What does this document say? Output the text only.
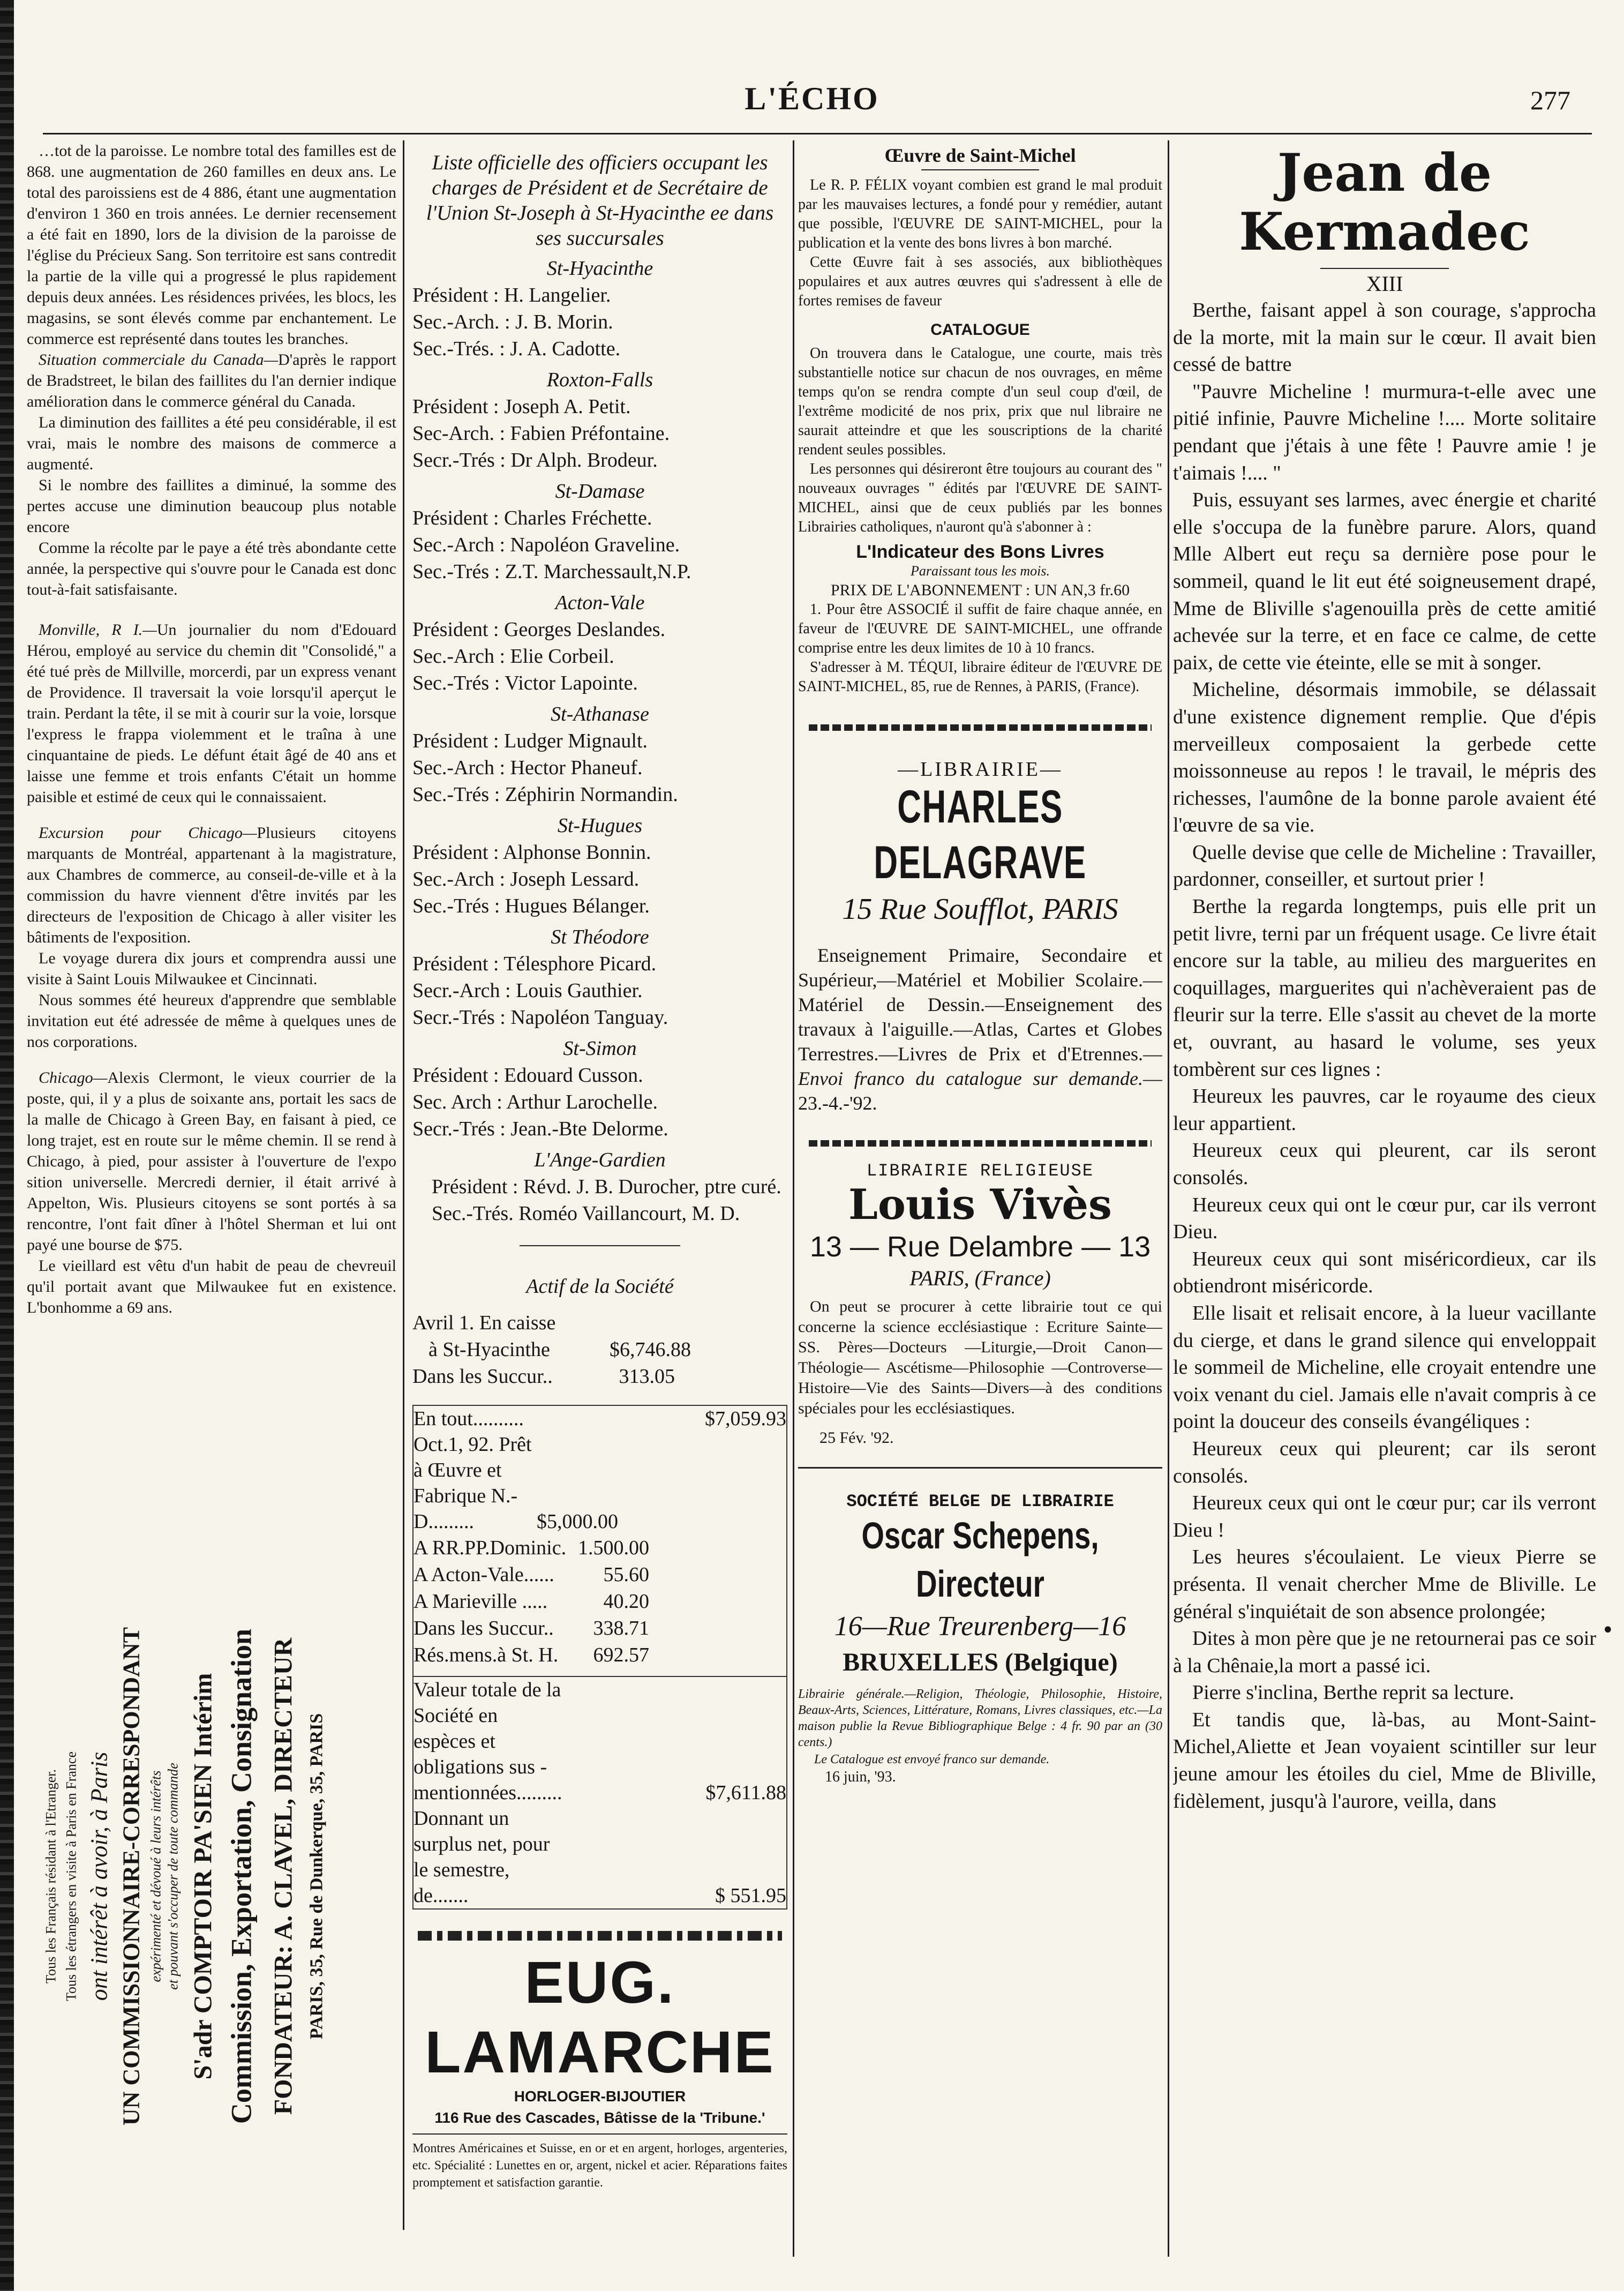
L'ÉCHO	277

…tot de la paroisse. Le nombre total des familles est de 868. une augmentation de 260 familles en deux ans. Le total des paroissiens est de 4 886, étant une augmentation d'environ 1 360 en trois années. Le dernier recensement a été fait en 1890, lors de la division de la paroisse de l'église du Précieux Sang. Son territoire est sans contredit la partie de la ville qui a progressé le plus rapidement depuis deux années. Les résidences privées, les blocs, les magasins, se sont élevés comme par enchantement. Le commerce est représenté dans toutes les branches.

Situation commerciale du Canada—D'après le rapport de Bradstreet, le bilan des faillites du l'an dernier indique amélioration dans le commerce général du Canada.

La diminution des faillites a été peu considérable, il est vrai, mais le nombre des maisons de commerce a augmenté.

Si le nombre des faillites a diminué, la somme des pertes accuse une diminution beaucoup plus notable encore

Comme la récolte par le paye a été très abondante cette année, la perspective qui s'ouvre pour le Canada est donc tout-à-fait satisfaisante.

Monville, R I.—Un journalier du nom d'Edouard Hérou, employé au service du chemin dit "Consolidé," a été tué près de Millville, morcerdi, par un express venant de Providence. Il traversait la voie lorsqu'il aperçut le train. Perdant la tête, il se mit à courir sur la voie, lorsque l'express le frappa violemment et le traîna à une cinquantaine de pieds. Le défunt était âgé de 40 ans et laisse une femme et trois enfants C'était un homme paisible et estimé de ceux qui le connaissaient.

Excursion pour Chicago—Plusieurs citoyens marquants de Montréal, appartenant à la magistrature, aux Chambres de commerce, au conseil-de-ville et à la commission du havre viennent d'être invités par les directeurs de l'exposition de Chicago à aller visiter les bâtiments de l'exposition.

Le voyage durera dix jours et comprendra aussi une visite à Saint Louis Milwaukee et Cincinnati.

Nous sommes été heureux d'apprendre que semblable invitation eut été adressée de même à quelques unes de nos corporations.

Chicago—Alexis Clermont, le vieux courrier de la poste, qui, il y a plus de soixante ans, portait les sacs de la malle de Chicago à Green Bay, en faisant à pied, ce long trajet, est en route sur le même chemin. Il se rend à Chicago, à pied, pour assister à l'ouverture de l'expo sition universelle. Mercredi dernier, il était arrivé à Appelton, Wis. Plusieurs citoyens se sont portés à sa rencontre, l'ont fait dîner à l'hôtel Sherman et lui ont payé une bourse de $75.

Le vieillard est vêtu d'un habit de peau de chevreuil qu'il portait avant que Milwaukee fut en existence. L'bonhomme a 69 ans.

Tous les Français résidant à l'Etranger. Tous les étrangers en visite à Paris en France ont intérêt à avoir, à Paris UN COMMISSIONNAIRE-CORRESPONDANT expérimenté et dévoué à leurs intérêts et pouvant s'occuper de toute commande S'adr COMPTOIR PA'SIEN Intérim Commission, Exportation, Consignation FONDATEUR: A. CLAVEL, DIRECTEUR PARIS, 35, Rue de Dunkerque, 35, PARIS
Liste officielle des officiers occupant les charges de Président et de Secrétaire de l'Union St-Joseph à St-Hyacinthe ee dans ses succursales
St-Hyacinthe
Président : H. Langelier.
Sec.-Arch. : J. B. Morin.
Sec.-Trés. : J. A. Cadotte.
Roxton-Falls
Président : Joseph A. Petit.
Sec-Arch. : Fabien Préfontaine.
Secr.-Trés : Dr Alph. Brodeur.
St-Damase
Président : Charles Fréchette.
Sec.-Arch : Napoléon Graveline.
Sec.-Trés : Z.T. Marchessault,N.P.
Acton-Vale
Président : Georges Deslandes.
Sec.-Arch : Elie Corbeil.
Sec.-Trés : Victor Lapointe.
St-Athanase
Président : Ludger Mignault.
Sec.-Arch : Hector Phaneuf.
Sec.-Trés : Zéphirin Normandin.
St-Hugues
Président : Alphonse Bonnin.
Sec.-Arch : Joseph Lessard.
Sec.-Trés : Hugues Bélanger.
St Théodore
Président : Télesphore Picard.
Secr.-Arch : Louis Gauthier.
Secr.-Trés : Napoléon Tanguay.
St-Simon
Président : Edouard Cusson.
Sec. Arch : Arthur Larochelle.
Secr.-Trés : Jean.-Bte Delorme.
L'Ange-Gardien
Président : Révd. J. B. Durocher, ptre curé.
Sec.-Trés. Roméo Vaillancourt, M. D.
Actif de la Société
Avril 1. En caisse
à St-Hyacinthe	$6,746.88
Dans les Succur..	313.05
En tout..........	$7,059.93
Oct.1, 92. Prêt à Œuvre et Fabrique N.-D......... $5,000.00	
A RR.PP.Dominic. 1.500.00
A Acton-Vale...... 55.60
A Marieville .....	40.20
Dans les Succur.. 338.71
Rés.mens.à St. H. 692.57
Valeur totale de la Société en espèces et obligations sus - mentionnées.........	$7,611.88
Donnant un surplus net, pour le semestre, de.......	$ 551.95
EUG. LAMARCHE
HORLOGER-BIJOUTIER
116 Rue des Cascades, Bâtisse de la 'Tribune.'
Montres Américaines et Suisse, en or et en argent, horloges, argenteries, etc. Spécialité : Lunettes en or, argent, nickel et acier. Réparations faites promptement et satisfaction garantie.
Œuvre de Saint-Michel

Le R. P. FÉLIX voyant combien est grand le mal produit par les mauvaises lectures, a fondé pour y remédier, autant que possible, l'ŒUVRE DE SAINT-MICHEL, pour la publication et la vente des bons livres à bon marché.

Cette Œuvre fait à ses associés, aux bibliothèques populaires et aux autres œuvres qui s'adressent à elle de fortes remises de faveur

CATALOGUE

On trouvera dans le Catalogue, une courte, mais très substantielle notice sur chacun de nos ouvrages, en même temps qu'on se rendra compte d'un seul coup d'œil, de l'extrême modicité de nos prix, prix que nul libraire ne saurait atteindre et que les souscriptions de la charité rendent seules possibles.

Les personnes qui désireront être toujours au courant des " nouveaux ouvrages " édités par l'ŒUVRE DE SAINT-MICHEL, ainsi que de ceux publiés par les bonnes Librairies catholiques, n'auront qu'à s'abonner à :

L'Indicateur des Bons Livres
Paraissant tous les mois.
PRIX DE L'ABONNEMENT : UN AN,3 fr.60

1. Pour être ASSOCIÉ il suffit de faire chaque année, en faveur de l'ŒUVRE DE SAINT-MICHEL, une offrande comprise entre les deux limites de 10 à 10 francs.

S'adresser à M. TÉQUI, libraire éditeur de l'ŒUVRE DE SAINT-MICHEL, 85, rue de Rennes, à PARIS, (France).

—LIBRAIRIE—
CHARLES DELAGRAVE
15 Rue Soufflot, PARIS
Enseignement Primaire, Secondaire et Supérieur,—Matériel et Mobilier Scolaire.—Matériel de Dessin.—Enseignement des travaux à l'aiguille.—Atlas, Cartes et Globes Terrestres.—Livres de Prix et d'Etrennes.—Envoi franco du catalogue sur demande.—23.-4.-'92.
LIBRAIRIE RELIGIEUSE
Louis Vivès
13 — Rue Delambre — 13
PARIS, (France)

On peut se procurer à cette librairie tout ce qui concerne la science ecclésiastique : Ecriture Sainte—SS. Pères—Docteurs —Liturgie,—Droit Canon—Théologie— Ascétisme—Philosophie —Controverse— Histoire—Vie des Saints—Divers—à des conditions spéciales pour les ecclésiastiques.

25 Fév. '92.
SOCIÉTÉ BELGE DE LIBRAIRIE
Oscar Schepens, Directeur
16—Rue Treurenberg—16
BRUXELLES (Belgique)
Librairie générale.—Religion, Théologie, Philosophie, Histoire, Beaux-Arts, Sciences, Littérature, Romans, Livres classiques, etc.—La maison publie la Revue Bibliographique Belge : 4 fr. 90 par an (30 cents.)
Le Catalogue est envoyé franco sur demande.
16 juin, '93.
Jean de Kermadec
XIII

Berthe, faisant appel à son courage, s'approcha de la morte, mit la main sur le cœur. Il avait bien cessé de battre

"Pauvre Micheline ! murmura-t-elle avec une pitié infinie, Pauvre Micheline !.... Morte solitaire pendant que j'étais à une fête ! Pauvre amie ! je t'aimais !.... "

Puis, essuyant ses larmes, avec énergie et charité elle s'occupa de la funèbre parure. Alors, quand Mlle Albert eut reçu sa dernière pose pour le sommeil, quand le lit eut été soigneusement drapé, Mme de Bliville s'agenouilla près de cette amitié achevée sur la terre, et en face ce calme, de cette paix, de cette vie éteinte, elle se mit à songer.

Micheline, désormais immobile, se délassait d'une existence dignement remplie. Que d'épis merveilleux composaient la gerbede cette moissonneuse au repos ! le travail, le mépris des richesses, l'aumône de la bonne parole avaient été l'œuvre de sa vie.

Quelle devise que celle de Micheline : Travailler, pardonner, conseiller, et surtout prier !

Berthe la regarda longtemps, puis elle prit un petit livre, terni par un fréquent usage. Ce livre était encore sur la table, au milieu des marguerites en coquillages, marguerites qui n'achèveraient pas de fleurir sur la terre. Elle s'assit au chevet de la morte et, ouvrant, au hasard le volume, ses yeux tombèrent sur ces lignes :

Heureux les pauvres, car le royaume des cieux leur appartient.

Heureux ceux qui pleurent, car ils seront consolés.

Heureux ceux qui ont le cœur pur, car ils verront Dieu.

Heureux ceux qui sont miséricordieux, car ils obtiendront miséricorde.

Elle lisait et relisait encore, à la lueur vacillante du cierge, et dans le grand silence qui enveloppait le sommeil de Micheline, elle croyait entendre une voix venant du ciel. Jamais elle n'avait compris à ce point la douceur des conseils évangéliques :

Heureux ceux qui pleurent; car ils seront consolés.

Heureux ceux qui ont le cœur pur; car ils verront Dieu !

Les heures s'écoulaient. Le vieux Pierre se présenta. Il venait chercher Mme de Bliville. Le général s'inquiétait de son absence prolongée;

Dites à mon père que je ne retournerai pas ce soir à la Chênaie,la mort a passé ici.

Pierre s'inclina, Berthe reprit sa lecture.

Et tandis que, là-bas, au Mont-Saint-Michel,Aliette et Jean voyaient scintiller sur leur jeune amour les étoiles du ciel, Mme de Bliville, fidèlement, jusqu'à l'aurore, veilla, dans

•
